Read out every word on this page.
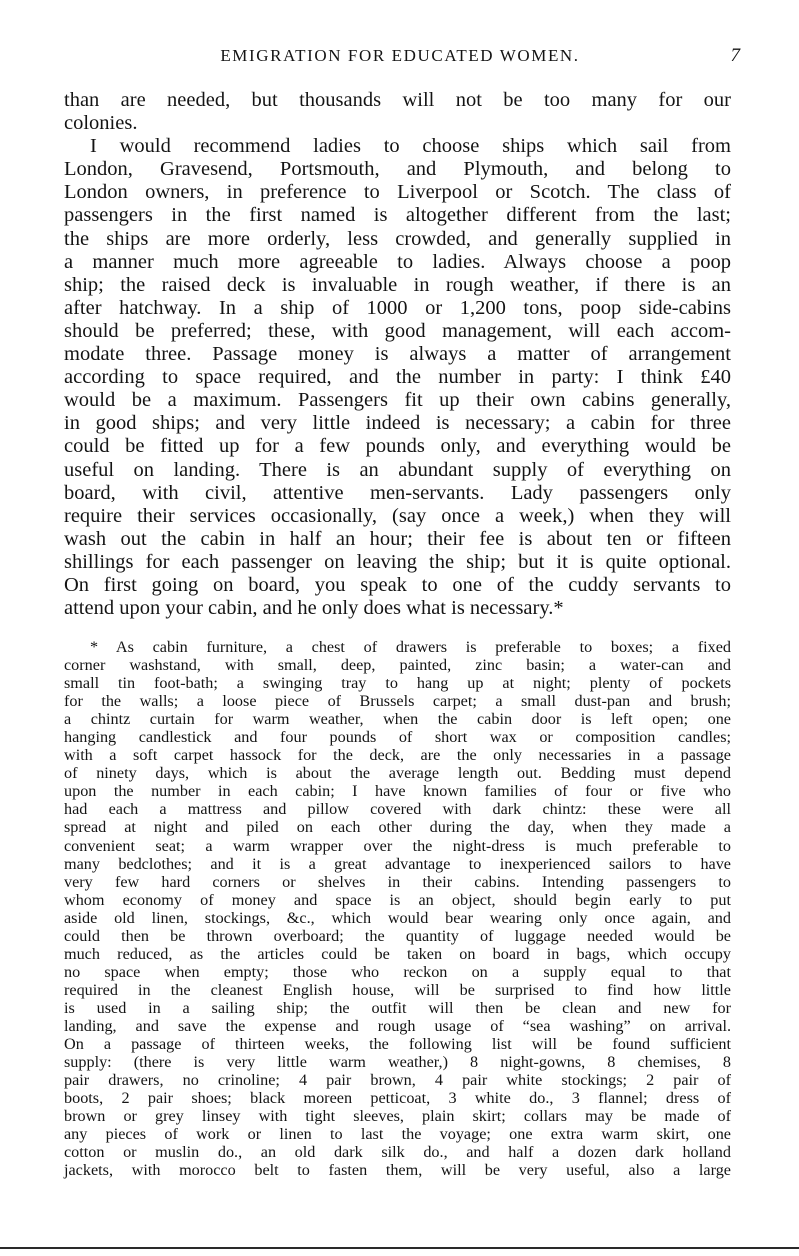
EMIGRATION FOR EDUCATED WOMEN.	7
than are needed, but thousands will not be too many for our
colonies.
I would recommend ladies to choose ships which sail from
London, Gravesend, Portsmouth, and Plymouth, and belong to
London owners, in preference to Liverpool or Scotch. The class of
passengers in the first named is altogether different from the last;
the ships are more orderly, less crowded, and generally supplied in
a manner much more agreeable to ladies. Always choose a poop
ship; the raised deck is invaluable in rough weather, if there is an
after hatchway. In a ship of 1000 or 1,200 tons, poop side-cabins
should be preferred; these, with good management, will each accom-
modate three. Passage money is always a matter of arrangement
according to space required, and the number in party: I think £40
would be a maximum. Passengers fit up their own cabins generally,
in good ships; and very little indeed is necessary; a cabin for three
could be fitted up for a few pounds only, and everything would be
useful on landing. There is an abundant supply of everything on
board, with civil, attentive men-servants. Lady passengers only
require their services occasionally, (say once a week,) when they will
wash out the cabin in half an hour; their fee is about ten or fifteen
shillings for each passenger on leaving the ship; but it is quite optional.
On first going on board, you speak to one of the cuddy servants to
attend upon your cabin, and he only does what is necessary.*
* As cabin furniture, a chest of drawers is preferable to boxes; a fixed
corner washstand, with small, deep, painted, zinc basin; a water-can and
small tin foot-bath; a swinging tray to hang up at night; plenty of pockets
for the walls; a loose piece of Brussels carpet; a small dust-pan and brush;
a chintz curtain for warm weather, when the cabin door is left open; one
hanging candlestick and four pounds of short wax or composition candles;
with a soft carpet hassock for the deck, are the only necessaries in a passage
of ninety days, which is about the average length out. Bedding must depend
upon the number in each cabin; I have known families of four or five who
had each a mattress and pillow covered with dark chintz: these were all
spread at night and piled on each other during the day, when they made a
convenient seat; a warm wrapper over the night-dress is much preferable to
many bedclothes; and it is a great advantage to inexperienced sailors to have
very few hard corners or shelves in their cabins. Intending passengers to
whom economy of money and space is an object, should begin early to put
aside old linen, stockings, &c., which would bear wearing only once again, and
could then be thrown overboard; the quantity of luggage needed would be
much reduced, as the articles could be taken on board in bags, which occupy
no space when empty; those who reckon on a supply equal to that
required in the cleanest English house, will be surprised to find how little
is used in a sailing ship; the outfit will then be clean and new for
landing, and save the expense and rough usage of “sea washing” on arrival.
On a passage of thirteen weeks, the following list will be found sufficient
supply: (there is very little warm weather,) 8 night-gowns, 8 chemises, 8
pair drawers, no crinoline; 4 pair brown, 4 pair white stockings; 2 pair of
boots, 2 pair shoes; black moreen petticoat, 3 white do., 3 flannel; dress of
brown or grey linsey with tight sleeves, plain skirt; collars may be made of
any pieces of work or linen to last the voyage; one extra warm skirt, one
cotton or muslin do., an old dark silk do., and half a dozen dark holland
jackets, with morocco belt to fasten them, will be very useful, also a large
